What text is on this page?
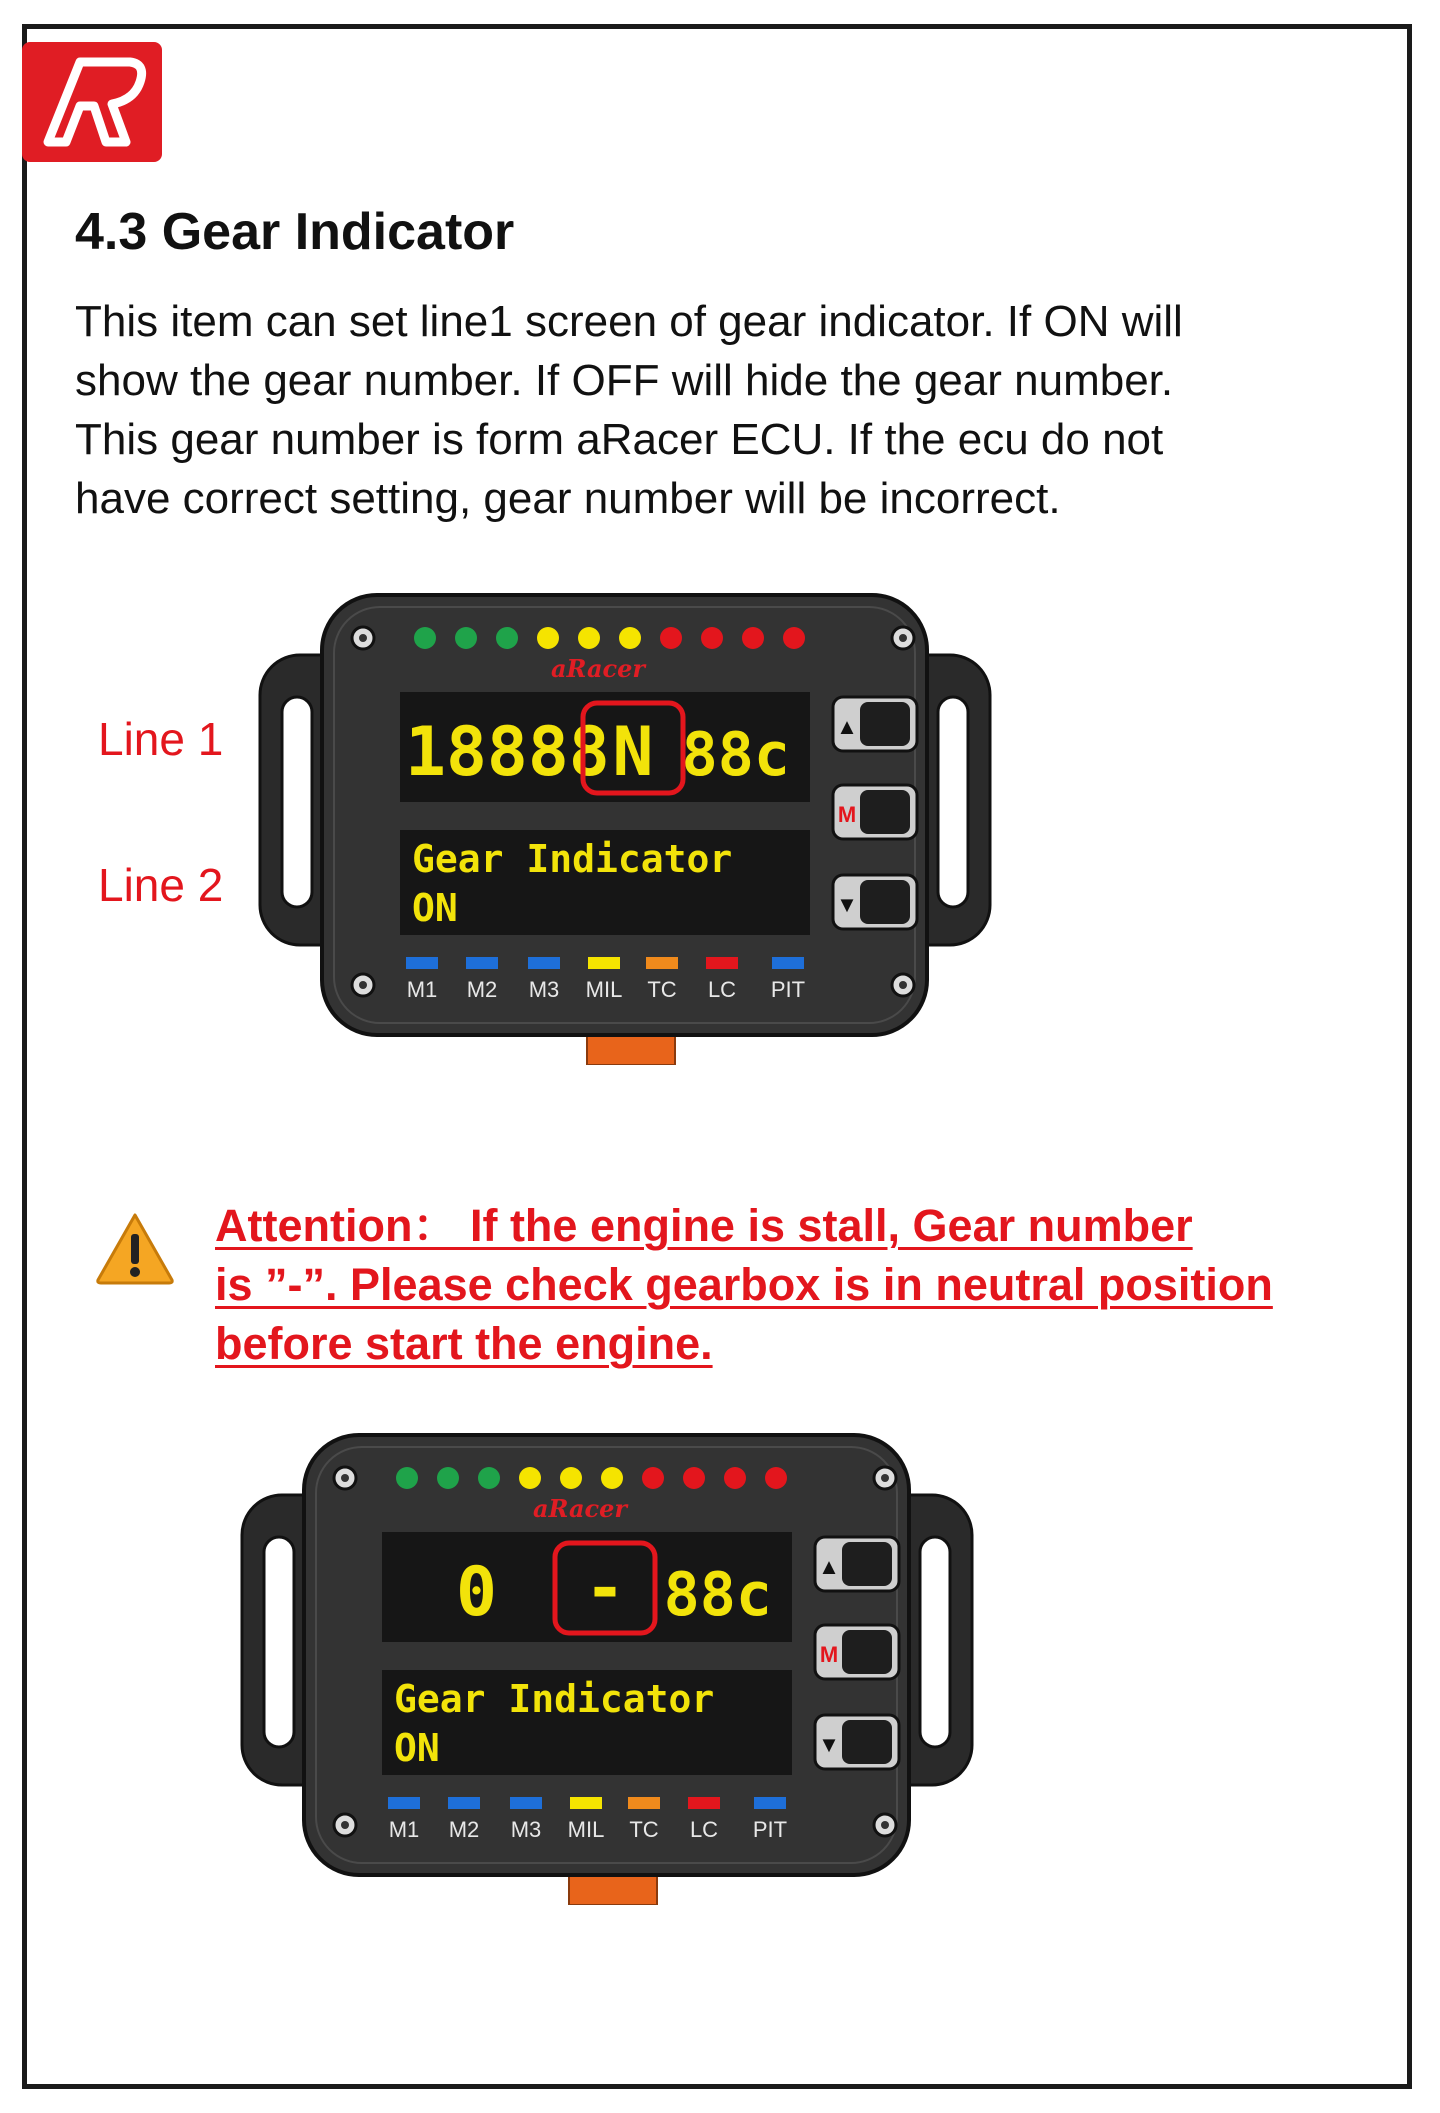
4.3 Gear Indicator
This item can set line1 screen of gear indicator. If ON will
show the gear number. If OFF will hide the gear number.
This gear number is form aRacer ECU. If the ecu do not
have correct setting, gear number will be incorrect.
Line 1
Line 2
aRacer
18888 N 88c
Gear Indicator
ON
▲
M
▼
M1 M2 M3 MIL TC LC PIT
Attention： If the engine is stall, Gear number
is ”-”. Please check gearbox is in neutral position
before start the engine.
aRacer
0 - 88c
Gear Indicator
ON
▲
M
▼
M1 M2 M3 MIL TC LC PIT
